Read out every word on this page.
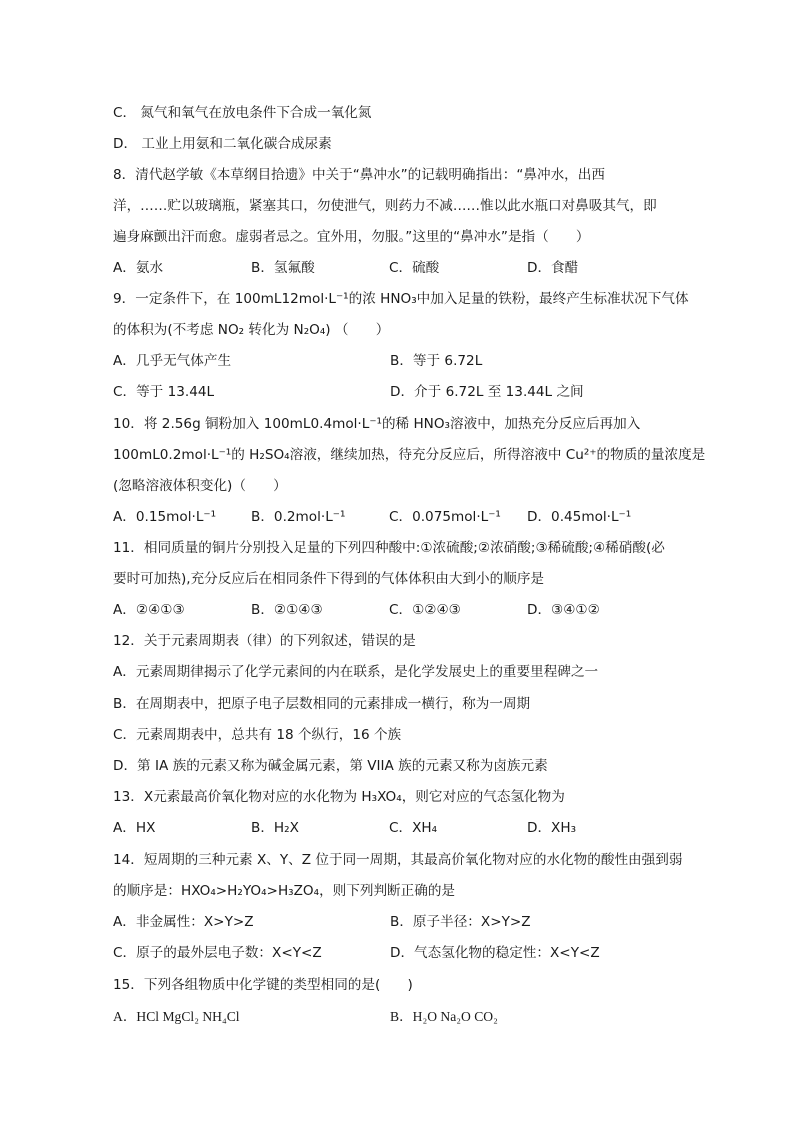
C． 氮气和氧气在放电条件下合成一氧化氮
D． 工业上用氨和二氧化碳合成尿素
8．清代赵学敏《本草纲目拾遗》中关于“鼻冲水”的记载明确指出：“鼻冲水，出西
洋，……贮以玻璃瓶，紧塞其口，勿使泄气，则药力不减……惟以此水瓶口对鼻吸其气，即
遍身麻颤出汗而愈。虚弱者忌之。宜外用，勿服。”这里的“鼻冲水”是指（　　）
A．氨水	B．氢氟酸	C．硫酸	D．食醋
9．一定条件下，在 100mL12mol·L⁻¹的浓 HNO₃中加入足量的铁粉，最终产生标准状况下气体
的体积为(不考虑 NO₂ 转化为 N₂O₄) （　　）
A．几乎无气体产生	B．等于 6.72L
C．等于 13.44L	D．介于 6.72L 至 13.44L 之间
10．将 2.56g 铜粉加入 100mL0.4mol·L⁻¹的稀 HNO₃溶液中，加热充分反应后再加入
100mL0.2mol·L⁻¹的 H₂SO₄溶液，继续加热，待充分反应后，所得溶液中 Cu²⁺的物质的量浓度是
(忽略溶液体积变化)（　　）
A．0.15mol·L⁻¹	B．0.2mol·L⁻¹	C．0.075mol·L⁻¹ D．0.45mol·L⁻¹
11．相同质量的铜片分别投入足量的下列四种酸中:①浓硫酸;②浓硝酸;③稀硫酸;④稀硝酸(必
要时可加热),充分反应后在相同条件下得到的气体体积由大到小的顺序是
A．②④①③	B．②①④③	C．①②④③	D．③④①②
12．关于元素周期表（律）的下列叙述，错误的是
A．元素周期律揭示了化学元素间的内在联系，是化学发展史上的重要里程碑之一
B．在周期表中，把原子电子层数相同的元素排成一横行，称为一周期
C．元素周期表中，总共有 18 个纵行，16 个族
D．第 IA 族的元素又称为碱金属元素，第 VIIA 族的元素又称为卤族元素
13．X元素最高价氧化物对应的水化物为 H₃XO₄，则它对应的气态氢化物为
A．HX	B．H₂X	C．XH₄	D．XH₃
14．短周期的三种元素 X、Y、Z 位于同一周期，其最高价氧化物对应的水化物的酸性由强到弱
的顺序是：HXO₄>H₂YO₄>H₃ZO₄，则下列判断正确的是
A．非金属性：X>Y>Z	B．原子半径：X>Y>Z
C．原子的最外层电子数：X<Y<Z	D．气态氢化物的稳定性：X<Y<Z
15．下列各组物质中化学键的类型相同的是(　　)
A．HCl MgCl₂ NH₄Cl	B．H₂O Na₂O CO₂
